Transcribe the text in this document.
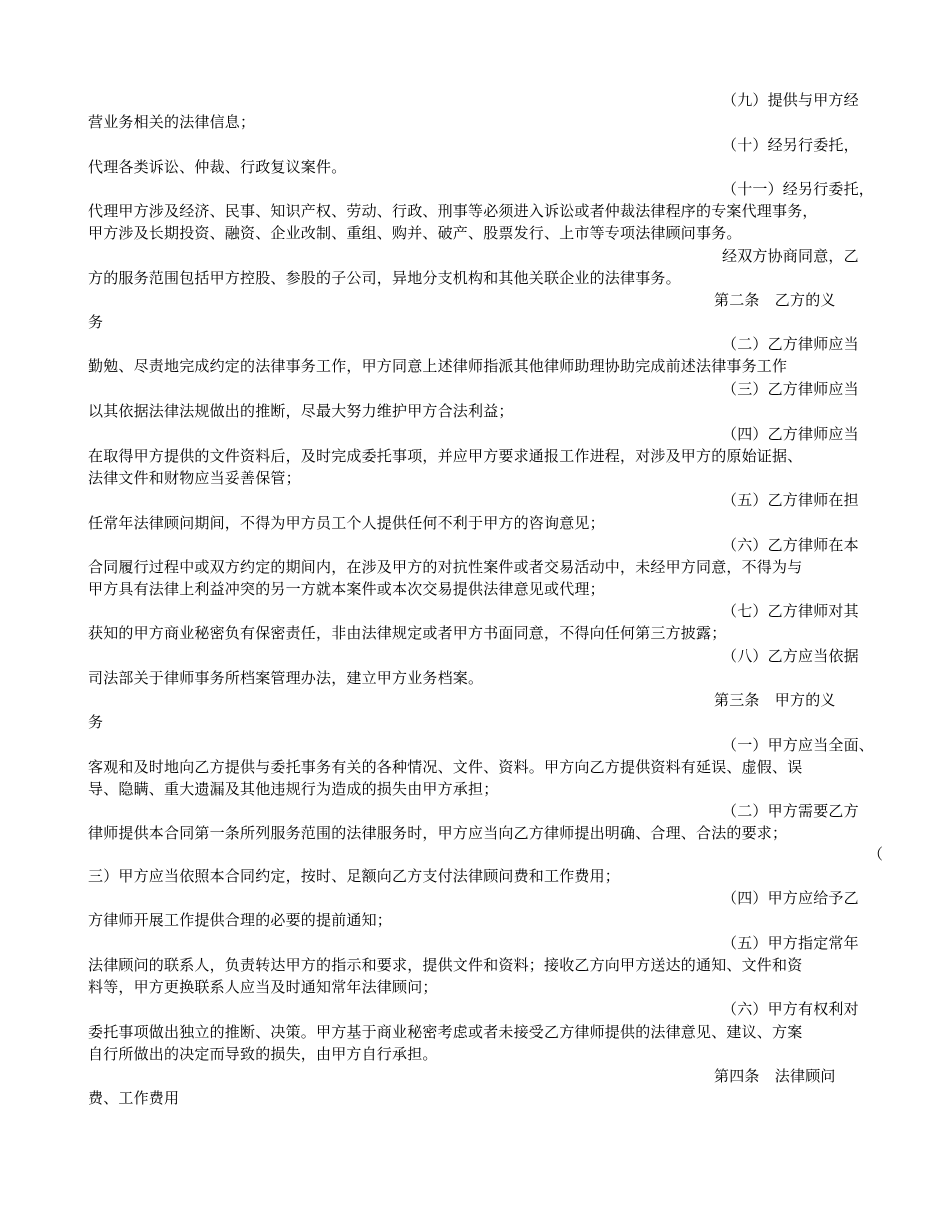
（九）提供与甲方经
营业务相关的法律信息；
（十）经另行委托，
代理各类诉讼、仲裁、行政复议案件。
（十一）经另行委托，
代理甲方涉及经济、民事、知识产权、劳动、行政、刑事等必须进入诉讼或者仲裁法律程序的专案代理事务，
甲方涉及长期投资、融资、企业改制、重组、购并、破产、股票发行、上市等专项法律顾问事务。
经双方协商同意，乙
方的服务范围包括甲方控股、参股的子公司，异地分支机构和其他关联企业的法律事务。
第二条　乙方的义
务
（二）乙方律师应当
勤勉、尽责地完成约定的法律事务工作，甲方同意上述律师指派其他律师助理协助完成前述法律事务工作
（三）乙方律师应当
以其依据法律法规做出的推断，尽最大努力维护甲方合法利益；
（四）乙方律师应当
在取得甲方提供的文件资料后，及时完成委托事项，并应甲方要求通报工作进程，对涉及甲方的原始证据、
法律文件和财物应当妥善保管；
（五）乙方律师在担
任常年法律顾问期间，不得为甲方员工个人提供任何不利于甲方的咨询意见；
（六）乙方律师在本
合同履行过程中或双方约定的期间内，在涉及甲方的对抗性案件或者交易活动中，未经甲方同意，不得为与
甲方具有法律上利益冲突的另一方就本案件或本次交易提供法律意见或代理；
（七）乙方律师对其
获知的甲方商业秘密负有保密责任，非由法律规定或者甲方书面同意，不得向任何第三方披露；
（八）乙方应当依据
司法部关于律师事务所档案管理办法，建立甲方业务档案。
第三条　甲方的义
务
（一）甲方应当全面、
客观和及时地向乙方提供与委托事务有关的各种情况、文件、资料。甲方向乙方提供资料有延误、虚假、误
导、隐瞒、重大遗漏及其他违规行为造成的损失由甲方承担；
（二）甲方需要乙方
律师提供本合同第一条所列服务范围的法律服务时，甲方应当向乙方律师提出明确、合理、合法的要求；
（
三）甲方应当依照本合同约定，按时、足额向乙方支付法律顾问费和工作费用；
（四）甲方应给予乙
方律师开展工作提供合理的必要的提前通知；
（五）甲方指定常年
法律顾问的联系人，负责转达甲方的指示和要求，提供文件和资料；接收乙方向甲方送达的通知、文件和资
料等，甲方更换联系人应当及时通知常年法律顾问；
（六）甲方有权利对
委托事项做出独立的推断、决策。甲方基于商业秘密考虑或者未接受乙方律师提供的法律意见、建议、方案
自行所做出的决定而导致的损失，由甲方自行承担。
第四条　法律顾问
费、工作费用
